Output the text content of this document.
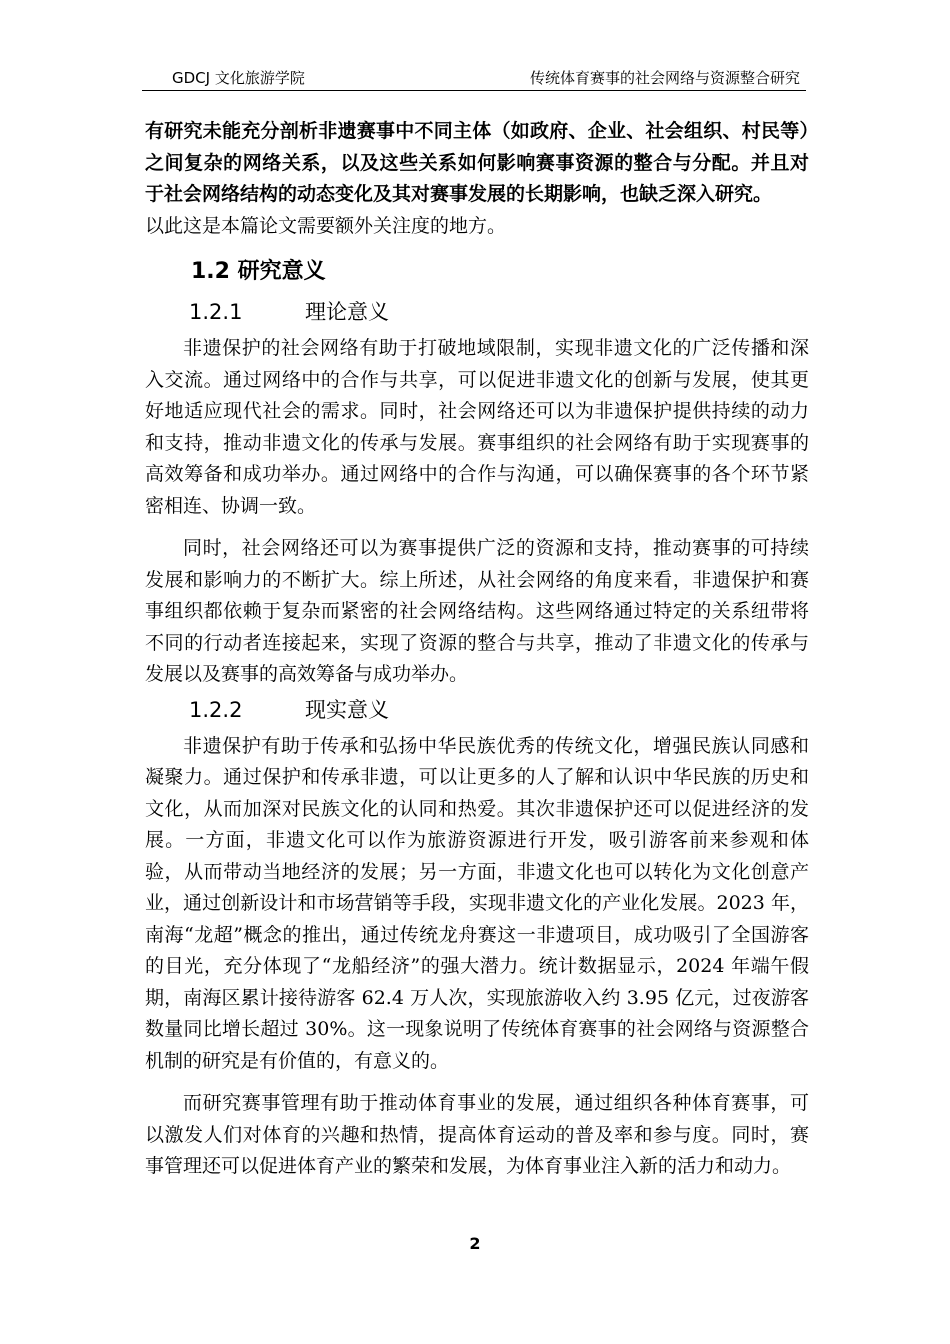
GDCJ 文化旅游学院	传统体育赛事的社会网络与资源整合研究

有研究未能充分剖析非遗赛事中不同主体（如政府、企业、社会组织、村民等）之间复杂的网络关系，以及这些关系如何影响赛事资源的整合与分配。并且对于社会网络结构的动态变化及其对赛事发展的长期影响，也缺乏深入研究。

以此这是本篇论文需要额外关注度的地方。

1.2 研究意义
1.2.1	理论意义

非遗保护的社会网络有助于打破地域限制，实现非遗文化的广泛传播和深入交流。通过网络中的合作与共享，可以促进非遗文化的创新与发展，使其更好地适应现代社会的需求。同时，社会网络还可以为非遗保护提供持续的动力和支持，推动非遗文化的传承与发展。赛事组织的社会网络有助于实现赛事的高效筹备和成功举办。通过网络中的合作与沟通，可以确保赛事的各个环节紧密相连、协调一致。

同时，社会网络还可以为赛事提供广泛的资源和支持，推动赛事的可持续发展和影响力的不断扩大。综上所述，从社会网络的角度来看，非遗保护和赛事组织都依赖于复杂而紧密的社会网络结构。这些网络通过特定的关系纽带将不同的行动者连接起来，实现了资源的整合与共享，推动了非遗文化的传承与发展以及赛事的高效筹备与成功举办。

1.2.2	现实意义

非遗保护有助于传承和弘扬中华民族优秀的传统文化，增强民族认同感和凝聚力。通过保护和传承非遗，可以让更多的人了解和认识中华民族的历史和文化，从而加深对民族文化的认同和热爱。其次非遗保护还可以促进经济的发展。一方面，非遗文化可以作为旅游资源进行开发，吸引游客前来参观和体验，从而带动当地经济的发展；另一方面，非遗文化也可以转化为文化创意产业，通过创新设计和市场营销等手段，实现非遗文化的产业化发展。2023 年，南海“龙超”概念的推出，通过传统龙舟赛这一非遗项目，成功吸引了全国游客的目光，充分体现了“龙船经济”的强大潜力。统计数据显示，2024 年端午假期，南海区累计接待游客 62.4 万人次，实现旅游收入约 3.95 亿元，过夜游客数量同比增长超过 30%。这一现象说明了传统体育赛事的社会网络与资源整合机制的研究是有价值的，有意义的。

而研究赛事管理有助于推动体育事业的发展，通过组织各种体育赛事，可以激发人们对体育的兴趣和热情，提高体育运动的普及率和参与度。同时，赛事管理还可以促进体育产业的繁荣和发展，为体育事业注入新的活力和动力。

2
